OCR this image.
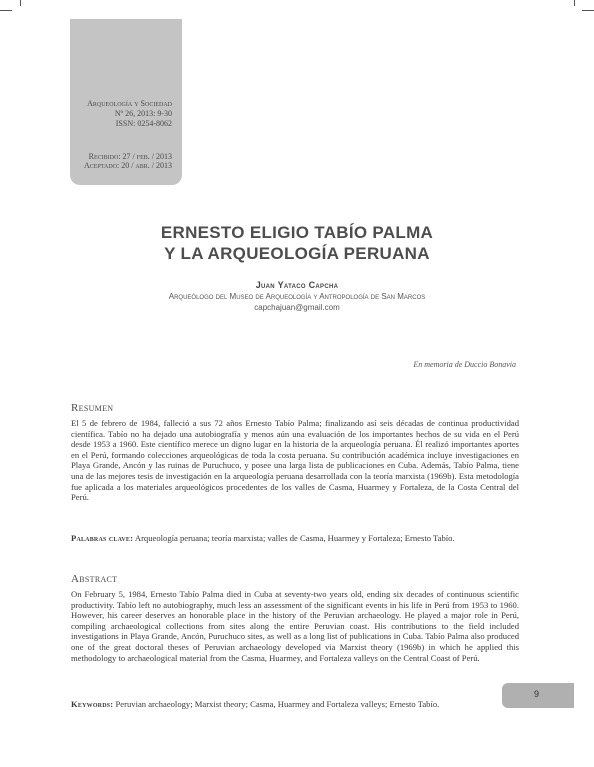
Arqueología y Sociedad
Nº 26, 2013: 9-30
ISSN: 0254-8062
Recibido: 27 / feb. / 2013
Aceptado: 20 / abr. / 2013
ERNESTO ELIGIO TABÍO PALMA
Y LA ARQUEOLOGÍA PERUANA
Juan Yataco Capcha
Arqueólogo del Museo de Arqueología y Antropología de San Marcos
capchajuan@gmail.com
En memoria de Duccio Bonavia
Resumen
El 5 de febrero de 1984, falleció a sus 72 años Ernesto Tabío Palma; finalizando así seis décadas de continua productividad científica. Tabío no ha dejado una autobiografía y menos aún una evaluación de los importantes hechos de su vida en el Perú desde 1953 a 1960. Este científico merece un digno lugar en la historia de la arqueología peruana. Él realizó importantes aportes en el Perú, formando colecciones arqueológicas de toda la costa peruana. Su contribución académica incluye investigaciones en Playa Grande, Ancón y las ruinas de Puruchuco, y posee una larga lista de publicaciones en Cuba. Además, Tabío Palma, tiene una de las mejores tesis de investigación en la arqueología peruana desarrollada con la teoría marxista (1969b). Esta metodología fue aplicada a los materiales arqueológicos procedentes de los valles de Casma, Huarmey y Fortaleza, de la Costa Central del Perú.
Palabras clave: Arqueología peruana; teoría marxista; valles de Casma, Huarmey y Fortaleza; Ernesto Tabío.
Abstract
On February 5, 1984, Ernesto Tabío Palma died in Cuba at seventy-two years old, ending six decades of continuous scientific productivity. Tabío left no autobiography, much less an assessment of the significant events in his life in Perú from 1953 to 1960. However, his career deserves an honorable place in the history of the Peruvian archaeology. He played a major role in Perú, compiling archaeological collections from sites along the entire Peruvian coast. His contributions to the field included investigations in Playa Grande, Ancón, Puruchuco sites, as well as a long list of publications in Cuba. Tabío Palma also produced one of the great doctoral theses of Peruvian archaeology developed via Marxist theory (1969b) in which he applied this methodology to archaeological material from the Casma, Huarmey, and Fortaleza valleys on the Central Coast of Perú.
Keywords: Peruvian archaeology; Marxist theory; Casma, Huarmey and Fortaleza valleys; Ernesto Tabío.
9
